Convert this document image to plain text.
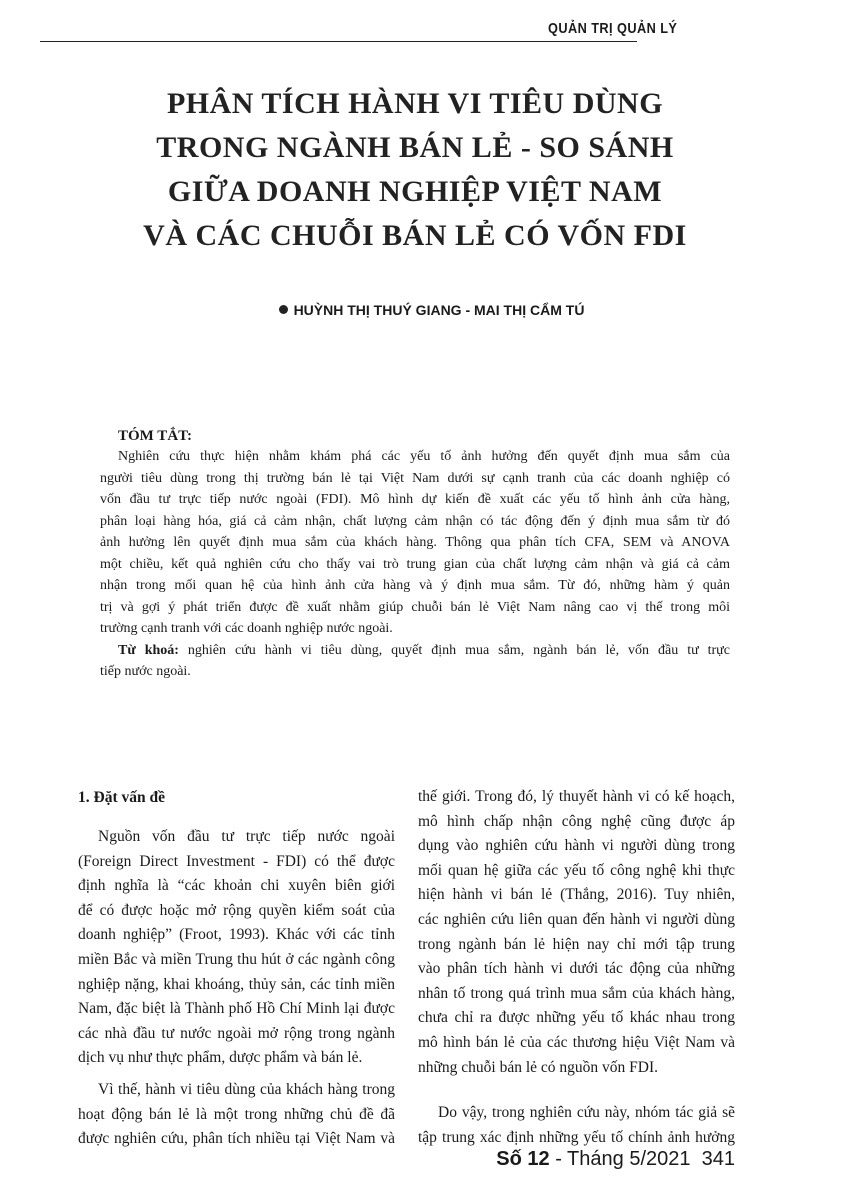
QUẢN TRỊ QUẢN LÝ
PHÂN TÍCH HÀNH VI TIÊU DÙNG
TRONG NGÀNH BÁN LẺ - SO SÁNH
GIỮA DOANH NGHIỆP VIỆT NAM
VÀ CÁC CHUỖI BÁN LẺ CÓ VỐN FDI
HUỲNH THỊ THUÝ GIANG - MAI THỊ CẨM TÚ
TÓM TẮT:
Nghiên cứu thực hiện nhằm khám phá các yếu tố ảnh hưởng đến quyết định mua sắm của
người tiêu dùng trong thị trường bán lẻ tại Việt Nam dưới sự cạnh tranh của các doanh nghiệp có
vốn đầu tư trực tiếp nước ngoài (FDI). Mô hình dự kiến đề xuất các yếu tố hình ảnh cửa hàng,
phân loại hàng hóa, giá cả cảm nhận, chất lượng cảm nhận có tác động đến ý định mua sắm từ đó
ảnh hưởng lên quyết định mua sắm của khách hàng. Thông qua phân tích CFA, SEM và ANOVA
một chiều, kết quả nghiên cứu cho thấy vai trò trung gian của chất lượng cảm nhận và giá cả cảm
nhận trong mối quan hệ của hình ảnh cửa hàng và ý định mua sắm. Từ đó, những hàm ý quản
trị và gợi ý phát triển được đề xuất nhằm giúp chuỗi bán lẻ Việt Nam nâng cao vị thế trong môi
trường cạnh tranh với các doanh nghiệp nước ngoài.
Từ khoá: nghiên cứu hành vi tiêu dùng, quyết định mua sắm, ngành bán lẻ, vốn đầu tư trực
tiếp nước ngoài.
1. Đặt vấn đề
Nguồn vốn đầu tư trực tiếp nước ngoài
(Foreign Direct Investment - FDI) có thể được
định nghĩa là “các khoản chi xuyên biên giới
để có được hoặc mở rộng quyền kiểm soát của
doanh nghiệp” (Froot, 1993). Khác với các tỉnh
miền Bắc và miền Trung thu hút ở các ngành công
nghiệp nặng, khai khoáng, thủy sản, các tỉnh miền
Nam, đặc biệt là Thành phố Hồ Chí Minh lại được
các nhà đầu tư nước ngoài mở rộng trong ngành
dịch vụ như thực phẩm, dược phẩm và bán lẻ.
Vì thế, hành vi tiêu dùng của khách hàng trong
hoạt động bán lẻ là một trong những chủ đề đã
được nghiên cứu, phân tích nhiều tại Việt Nam và
thế giới. Trong đó, lý thuyết hành vi có kế hoạch,
mô hình chấp nhận công nghệ cũng được áp
dụng vào nghiên cứu hành vi người dùng trong
mối quan hệ giữa các yếu tố công nghệ khi thực
hiện hành vi bán lẻ (Thắng, 2016). Tuy nhiên,
các nghiên cứu liên quan đến hành vi người dùng
trong ngành bán lẻ hiện nay chỉ mới tập trung
vào phân tích hành vi dưới tác động của những
nhân tố trong quá trình mua sắm của khách hàng,
chưa chỉ ra được những yếu tố khác nhau trong
mô hình bán lẻ của các thương hiệu Việt Nam và
những chuỗi bán lẻ có nguồn vốn FDI.
Do vậy, trong nghiên cứu này, nhóm tác giả sẽ
tập trung xác định những yếu tố chính ảnh hưởng
Số 12 - Tháng 5/2021 341
